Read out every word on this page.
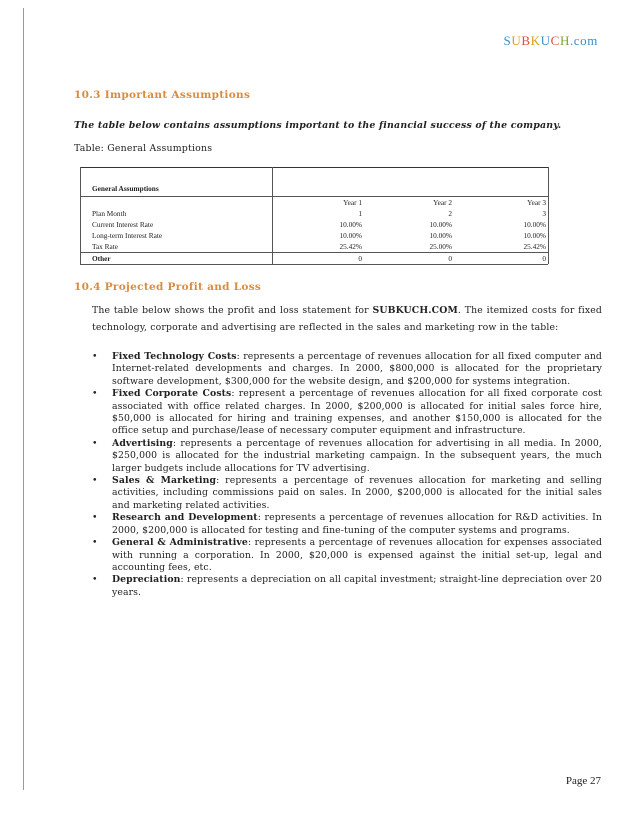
SUBKUCH.com
10.3 Important Assumptions
The table below contains assumptions important to the financial success of the company.
Table: General Assumptions
General Assumptions
Year 1	Year 2	Year 3
Plan Month	1	2	3
Current Interest Rate	10.00%	10.00%	10.00%
Long-term Interest Rate	10.00%	10.00%	10.00%
Tax Rate	25.42%	25.00%	25.42%
Other	0	0	0
10.4 Projected Profit and Loss
The table below shows the profit and loss statement for SUBKUCH.COM. The itemized costs for fixed technology, corporate and advertising are reflected in the sales and marketing row in the table:
• Fixed Technology Costs: represents a percentage of revenues allocation for all fixed computer and Internet-related developments and charges. In 2000, $800,000 is allocated for the proprietary software development, $300,000 for the website design, and $200,000 for systems integration.
• Fixed Corporate Costs: represent a percentage of revenues allocation for all fixed corporate cost associated with office related charges. In 2000, $200,000 is allocated for initial sales force hire, $50,000 is allocated for hiring and training expenses, and another $150,000 is allocated for the office setup and purchase/lease of necessary computer equipment and infrastructure.
• Advertising: represents a percentage of revenues allocation for advertising in all media. In 2000, $250,000 is allocated for the industrial marketing campaign. In the subsequent years, the much larger budgets include allocations for TV advertising.
• Sales & Marketing: represents a percentage of revenues allocation for marketing and selling activities, including commissions paid on sales. In 2000, $200,000 is allocated for the initial sales and marketing related activities.
• Research and Development: represents a percentage of revenues allocation for R&D activities. In 2000, $200,000 is allocated for testing and fine-tuning of the computer systems and programs.
• General & Administrative: represents a percentage of revenues allocation for expenses associated with running a corporation. In 2000, $20,000 is expensed against the initial set-up, legal and accounting fees, etc.
• Depreciation: represents a depreciation on all capital investment; straight-line depreciation over 20 years.
Page 27
